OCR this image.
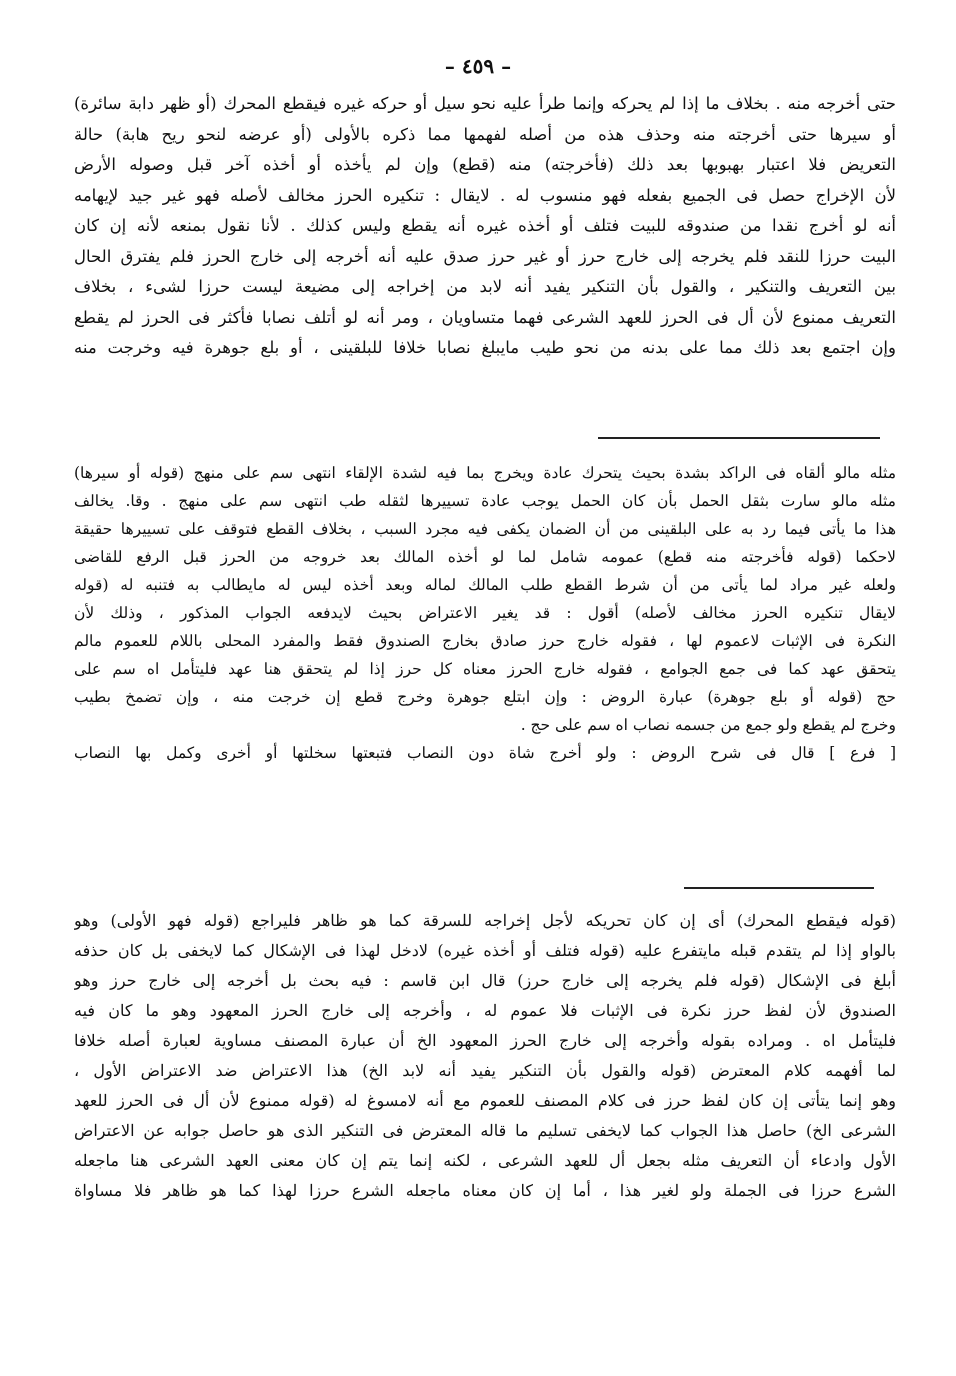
– ٤٥٩ –
حتى أخرجه منه . بخلاف ما إذا لم يحركه وإنما طرأ عليه نحو سيل أو حركه غيره فيقطع المحرك (أو ظهر دابة سائرة)
أو سيرها حتى أخرجته منه وحذف هذه من أصله لفهمها مما ذكره بالأولى (أو عرضه لنحو ريح هابة) حالة
التعريض فلا اعتبار بهبوبها بعد ذلك (فأخرجته) منه (قطع) وإن لم يأخذه أو أخذه آخر قبل وصوله الأرض
لأن الإخراج حصل فى الجميع بفعله فهو منسوب له . لايقال : تنكيره الحرز مخالف لأصله فهو غير جيد لإيهامه
أنه لو أخرج نقدا من صندوقه للبيت فتلف أو أخذه غيره أنه يقطع وليس كذلك . لأنا نقول بمنعه لأنه إن كان
البيت حرزا للنقد فلم يخرجه إلى خارج حرز أو غير حرز صدق عليه أنه أخرجه إلى خارج الحرز فلم يفترق الحال
بين التعريف والتنكير ، والقول بأن التنكير يفيد أنه لابد من إخراجه إلى مضيعة ليست حرزا لشىء ، بخلاف
التعريف ممنوع لأن أل فى الحرز للعهد الشرعى فهما متساويان ، ومر أنه لو أتلف نصابا فأكثر فى الحرز لم يقطع
وإن اجتمع بعد ذلك مما على بدنه من نحو طيب مايبلغ نصابا خلافا للبلقينى ، أو بلع جوهرة فيه وخرجت منه
مثله مالو ألقاه فى الراكد بشدة بحيث يتحرك عادة ويخرج بما فيه لشدة الإلقاء انتهى سم على منهج (قوله أو سيرها)
مثله مالو سارت بثقل الحمل بأن كان الحمل يوجب عادة تسييرها لثقله طب انتهى سم على منهج . وقا. يخالف
هذا ما يأتى فيما رد به على البلقينى من أن الضمان يكفى فيه مجرد السبب ، بخلاف القطع فتوقف على تسييرها حقيقة
لاحكما (قوله فأخرجته منه قطع) عمومه شامل لما لو أخذه المالك بعد خروجه من الحرز قبل الرفع للقاضى
ولعله غير مراد لما يأتى من أن شرط القطع طلب المالك لماله وبعد أخذه ليس له مايطالب به فتنبه له (قوله
لايقال تنكيره الحرز مخالف لأصله) أقول : قد يغير الاعتراض بحيث لايدفعه الجواب المذكور ، وذلك لأن
النكرة فى الإثبات لاعموم لها ، فقوله خارج حرز صادق بخارج الصندوق فقط والمفرد المحلى باللام للعموم مالم
يتحقق عهد كما فى جمع الجوامع ، فقوله خارج الحرز معناه كل حرز إذا لم يتحقق هنا عهد فليتأمل اه سم على
حج (قوله أو بلع جوهرة) عبارة الروض : وإن ابتلع جوهرة وخرج قطع إن خرجت منه ، وإن تضمخ بطيب
وخرج لم يقطع ولو جمع من جسمه نصاب اه سم على حج .
[ فرع ] قال فى شرح الروض : ولو أخرج شاة دون النصاب فتبعتها سخلتها أو أخرى وكمل بها النصاب
(قوله فيقطع المحرك) أى إن كان تحريكه لأجل إخراجه للسرقة كما هو ظاهر فليراجع (قوله فهو الأولى) وهو
بالواو إذا لم يتقدم قبله مايتفرع عليه (قوله فتلف أو أخذه غيره) لادخل لهذا فى الإشكال كما لايخفى بل كان حذفه
أبلغ فى الإشكال (قوله فلم يخرجه إلى خارج حرز) قال ابن قاسم : فيه بحث بل أخرجه إلى خارج حرز وهو
الصندوق لأن لفظ حرز نكرة فى الإثبات فلا عموم له ، وأخرجه إلى خارج الحرز المعهود وهو ما كان فيه
فليتأمل اه . ومراده بقوله وأخرجه إلى خارج الحرز المعهود الخ أن عبارة المصنف مساوية لعبارة أصله خلافا
لما أفهمه كلام المعترض (قوله والقول بأن التنكير يفيد أنه لابد الخ) هذا الاعتراض ضد الاعتراض الأول ،
وهو إنما يتأتى إن كان لفظ حرز فى كلام المصنف للعموم مع أنه لامسوغ له (قوله ممنوع لأن أل فى الحرز للعهد
الشرعى الخ) حاصل هذا الجواب كما لايخفى تسليم ما قاله المعترض فى التنكير الذى هو حاصل جوابه عن الاعتراض
الأول وادعاء أن التعريف مثله بجعل أل للعهد الشرعى ، لكنه إنما يتم إن كان معنى العهد الشرعى هنا ماجعله
الشرع حرزا فى الجملة ولو لغير هذا ، أما إن كان معناه ماجعله الشرع حرزا لهذا كما هو ظاهر فلا مساواة
